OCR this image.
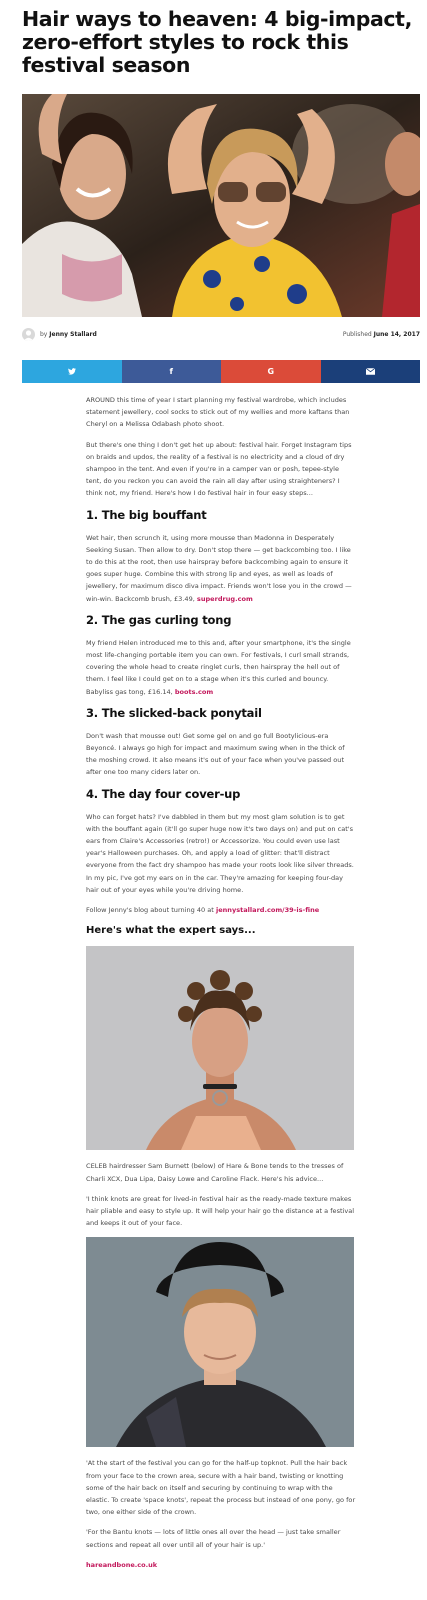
Hair ways to heaven: 4 big-impact, zero-effort styles to rock this festival season
by Jenny Stallard	Published June 14, 2017
f	G

AROUND this time of year I start planning my festival wardrobe, which includes statement jewellery, cool socks to stick out of my wellies and more kaftans than Cheryl on a Melissa Odabash photo shoot.

But there's one thing I don't get het up about: festival hair. Forget Instagram tips on braids and updos, the reality of a festival is no electricity and a cloud of dry shampoo in the tent. And even if you're in a camper van or posh, tepee-style tent, do you reckon you can avoid the rain all day after using straighteners? I think not, my friend. Here's how I do festival hair in four easy steps...

1. The big bouffant

Wet hair, then scrunch it, using more mousse than Madonna in Desperately Seeking Susan. Then allow to dry. Don't stop there — get backcombing too. I like to do this at the root, then use hairspray before backcombing again to ensure it goes super huge. Combine this with strong lip and eyes, as well as loads of jewellery, for maximum disco diva impact. Friends won't lose you in the crowd — win-win. Backcomb brush, £3.49, superdrug.com

2. The gas curling tong

My friend Helen introduced me to this and, after your smartphone, it's the single most life-changing portable item you can own. For festivals, I curl small strands, covering the whole head to create ringlet curls, then hairspray the hell out of them. I feel like I could get on to a stage when it's this curled and bouncy. Babyliss gas tong, £16.14, boots.com

3. The slicked-back ponytail

Don't wash that mousse out! Get some gel on and go full Bootylicious-era Beyoncé. I always go high for impact and maximum swing when in the thick of the moshing crowd. It also means it's out of your face when you've passed out after one too many ciders later on.

4. The day four cover-up

Who can forget hats? I've dabbled in them but my most glam solution is to get with the bouffant again (it'll go super huge now it's two days on) and put on cat's ears from Claire's Accessories (retro!) or Accessorize. You could even use last year's Halloween purchases. Oh, and apply a load of glitter: that'll distract everyone from the fact dry shampoo has made your roots look like silver threads. In my pic, I've got my ears on in the car. They're amazing for keeping four-day hair out of your eyes while you're driving home.

Follow Jenny's blog about turning 40 at jennystallard.com/39-is-fine

Here's what the expert says...

CELEB hairdresser Sam Burnett (below) of Hare & Bone tends to the tresses of Charli XCX, Dua Lipa, Daisy Lowe and Caroline Flack. Here's his advice...

'I think knots are great for lived-in festival hair as the ready-made texture makes hair pliable and easy to style up. It will help your hair go the distance at a festival and keeps it out of your face.

'At the start of the festival you can go for the half-up topknot. Pull the hair back from your face to the crown area, secure with a hair band, twisting or knotting some of the hair back on itself and securing by continuing to wrap with the elastic. To create 'space knots', repeat the process but instead of one pony, go for two, one either side of the crown.

'For the Bantu knots — lots of little ones all over the head — just take smaller sections and repeat all over until all of your hair is up.'

hareandbone.co.uk
